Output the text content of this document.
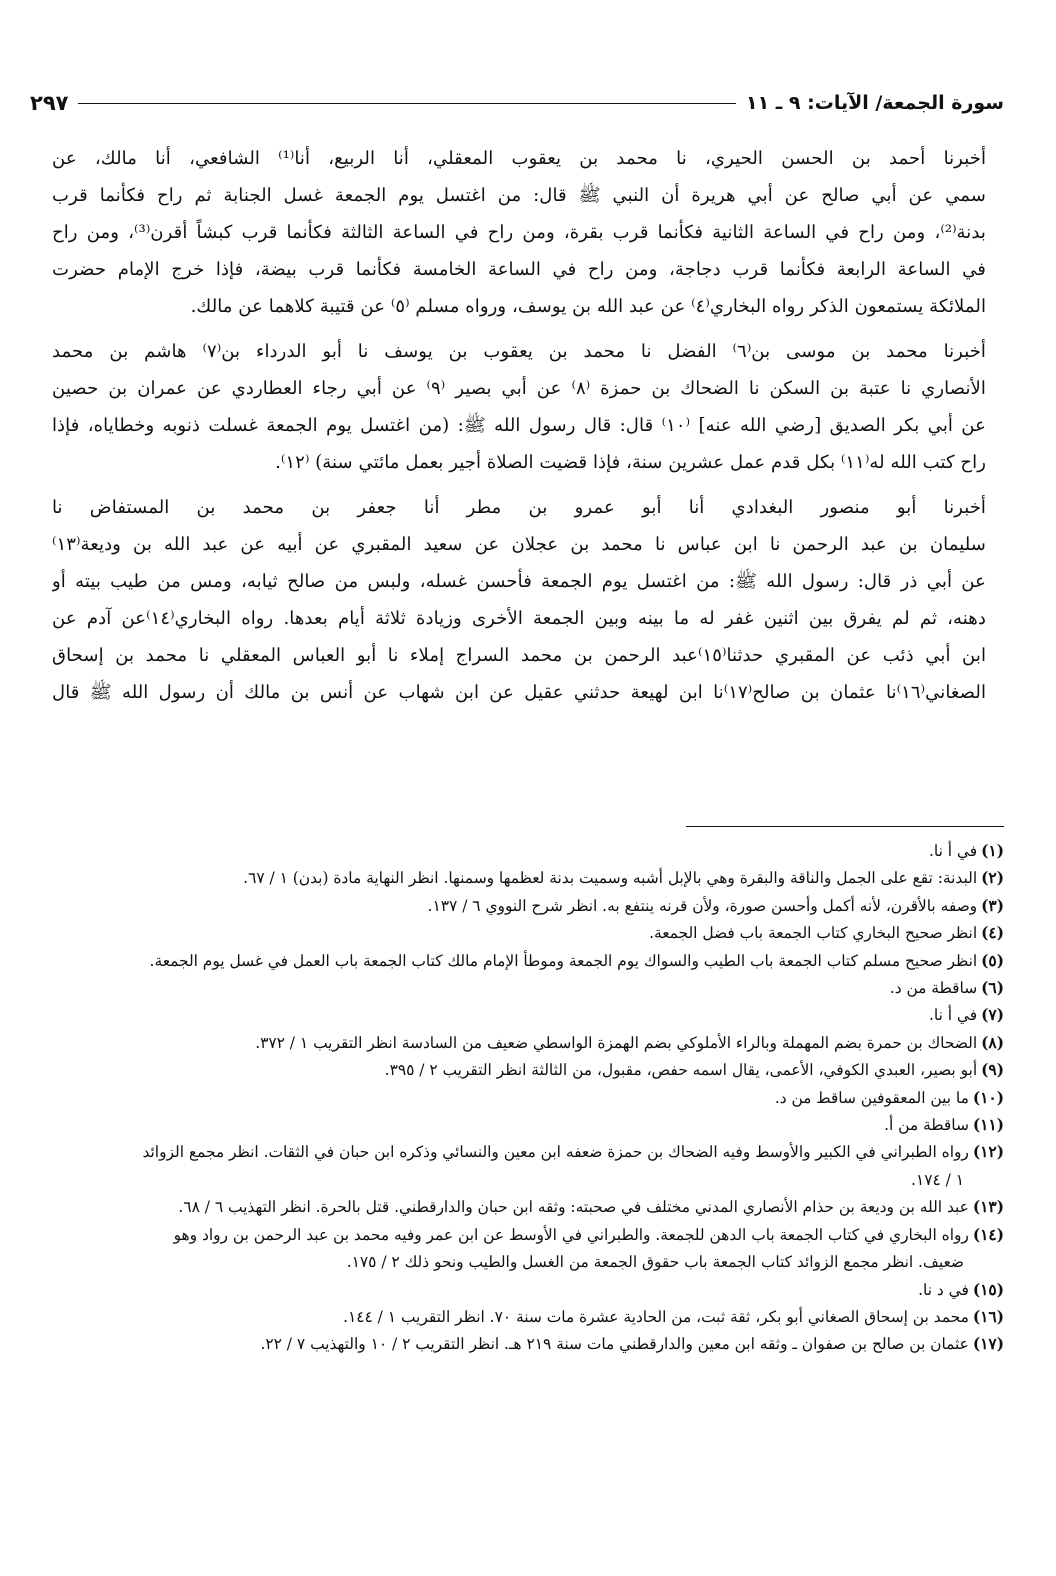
سورة الجمعة/ الآيات: ٩ ـ ١١
٢٩٧

أخبرنا أحمد بن الحسن الحيري، نا محمد بن يعقوب المعقلي، أنا الربيع، أنا⁽¹⁾ الشافعي، أنا مالك، عن
سمي عن أبي صالح عن أبي هريرة أن النبي ﷺ قال: من اغتسل يوم الجمعة غسل الجنابة ثم راح فكأنما قرب
بدنة⁽²⁾، ومن راح في الساعة الثانية فكأنما قرب بقرة، ومن راح في الساعة الثالثة فكأنما قرب كبشاً أقرن⁽³⁾، ومن راح
في الساعة الرابعة فكأنما قرب دجاجة، ومن راح في الساعة الخامسة فكأنما قرب بيضة، فإذا خرج الإمام حضرت
الملائكة يستمعون الذكر رواه البخاري⁽٤⁾ عن عبد الله بن يوسف، ورواه مسلم ⁽٥⁾ عن قتيبة كلاهما عن مالك.

أخبرنا محمد بن موسى بن⁽٦⁾ الفضل نا محمد بن يعقوب بن يوسف نا أبو الدرداء بن⁽٧⁾ هاشم بن محمد
الأنصاري نا عتبة بن السكن نا الضحاك بن حمزة ⁽٨⁾ عن أبي بصير ⁽٩⁾ عن أبي رجاء العطاردي عن عمران بن حصين
عن أبي بكر الصديق [رضي الله عنه] ⁽١٠⁾ قال: قال رسول الله ﷺ: (من اغتسل يوم الجمعة غسلت ذنوبه وخطاياه، فإذا
راح كتب الله له⁽١١⁾ بكل قدم عمل عشرين سنة، فإذا قضيت الصلاة أجير بعمل مائتي سنة) ⁽١٢⁾.

أخبرنا أبو منصور البغدادي أنا أبو عمرو بن مطر أنا جعفر بن محمد بن المستفاض نا
سليمان بن عبد الرحمن نا ابن عباس نا محمد بن عجلان عن سعيد المقبري عن أبيه عن عبد الله بن وديعة⁽١٣⁾
عن أبي ذر قال: رسول الله ﷺ: من اغتسل يوم الجمعة فأحسن غسله، ولبس من صالح ثيابه، ومس من طيب بيته أو
دهنه، ثم لم يفرق بين اثنين غفر له ما بينه وبين الجمعة الأخرى وزيادة ثلاثة أيام بعدها. رواه البخاري⁽١٤⁾عن آدم عن
ابن أبي ذئب عن المقبري حدثنا⁽١٥⁾عبد الرحمن بن محمد السراج إملاء نا أبو العباس المعقلي نا محمد بن إسحاق
الصغاني⁽١٦⁾نا عثمان بن صالح⁽١٧⁾نا ابن لهيعة حدثني عقيل عن ابن شهاب عن أنس بن مالك أن رسول الله ﷺ قال

(١)في أ نا.
(٢)البدنة: تقع على الجمل والناقة والبقرة وهي بالإبل أشبه وسميت بدنة لعظمها وسمنها. انظر النهاية مادة (بدن) ١ / ٦٧.
(٣)وصفه بالأقرن، لأنه أكمل وأحسن صورة، ولأن قرنه ينتفع به. انظر شرح النووي ٦ / ١٣٧.
(٤)انظر صحيح البخاري كتاب الجمعة باب فضل الجمعة.
(٥)انظر صحيح مسلم كتاب الجمعة باب الطيب والسواك يوم الجمعة وموطأ الإمام مالك كتاب الجمعة باب العمل في غسل يوم الجمعة.
(٦)ساقطة من د.
(٧)في أ نا.
(٨)الضحاك بن حمرة بضم المهملة وبالراء الأملوكي بضم الهمزة الواسطي ضعيف من السادسة انظر التقريب ١ / ٣٧٢.
(٩)أبو بصير، العبدي الكوفي، الأعمى، يقال اسمه حفص، مقبول، من الثالثة انظر التقريب ٢ / ٣٩٥.
(١٠)ما بين المعقوفين ساقط من د.
(١١)ساقطة من أ.
(١٢)رواه الطبراني في الكبير والأوسط وفيه الضحاك بن حمزة ضعفه ابن معين والنسائي وذكره ابن حبان في الثقات. انظر مجمع الزوائد
١ / ١٧٤.
(١٣)عبد الله بن وديعة بن حذام الأنصاري المدني مختلف في صحبته: وثقه ابن حبان والدارقطني. قتل بالحرة. انظر التهذيب ٦ / ٦٨.
(١٤)رواه البخاري في كتاب الجمعة باب الدهن للجمعة. والطبراني في الأوسط عن ابن عمر وفيه محمد بن عبد الرحمن بن رواد وهو
ضعيف. انظر مجمع الزوائد كتاب الجمعة باب حقوق الجمعة من الغسل والطيب ونحو ذلك ٢ / ١٧٥.
(١٥)في د نا.
(١٦)محمد بن إسحاق الصغاني أبو بكر، ثقة ثبت، من الحادية عشرة مات سنة ٧٠. انظر التقريب ١ / ١٤٤.
(١٧)عثمان بن صالح بن صفوان ـ وثقه ابن معين والدارقطني مات سنة ٢١٩ هـ. انظر التقريب ٢ / ١٠ والتهذيب ٧ / ٢٢.
